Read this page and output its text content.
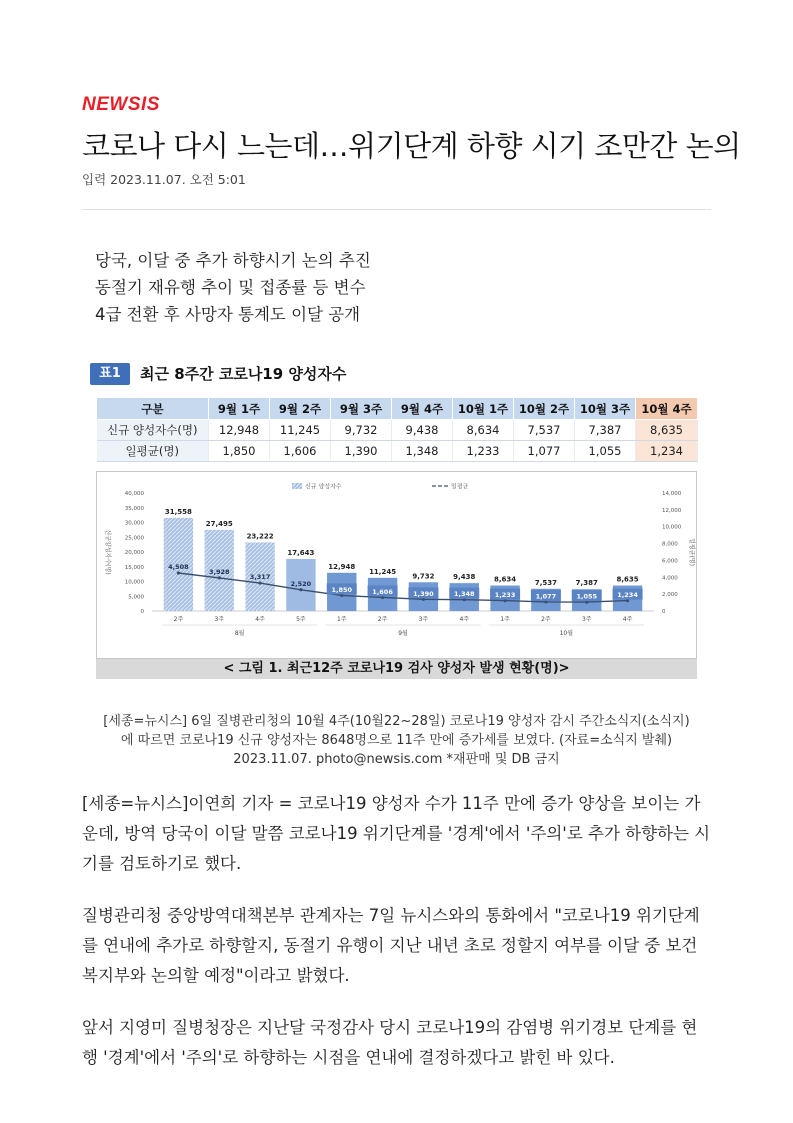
NEWSIS
코로나 다시 느는데…위기단계 하향 시기 조만간 논의
입력 2023.11.07. 오전 5:01
당국, 이달 중 추가 하향시기 논의 추진
동절기 재유행 추이 및 접종률 등 변수
4급 전환 후 사망자 통계도 이달 공개
표1	최근 8주간 코로나19 양성자수
구분	9월 1주	9월 2주	9월 3주	9월 4주	10월 1주	10월 2주	10월 3주	10월 4주
신규 양성자수(명)	12,948	11,245	9,732	9,438	8,634	7,537	7,387	8,635
일평균(명)	1,850	1,606	1,390	1,348	1,233	1,077	1,055	1,234
0
5,000
10,000
15,000
20,000
25,000
30,000
35,000
40,000
0
2,000
4,000
6,000
8,000
10,000
12,000
14,000
신규양성자수(명)	일평균(명)
2주	3주	4주	5주	1주	2주	3주	4주	1주	2주	3주	4주
8월	9월	10월
31,558
27,495
23,222
17,643
12,948
11,245
9,732	9,438	8,634	7,537	7,387	8,635
4,508
3,928
3,317
2,520
1,850	1,606	1,390	1,348	1,233	1,077	1,055	1,234
신규 양성자수	일평균
< 그림 1. 최근12주 코로나19 검사 양성자 발생 현황(명)>
[세종=뉴시스] 6일 질병관리청의 10월 4주(10월22~28일) 코로나19 양성자 감시 주간소식지(소식지)에 따르면 코로나19 신규 양성자는 8648명으로 11주 만에 증가세를 보였다. (자료=소식지 발췌) 2023.11.07. photo@newsis.com *재판매 및 DB 금지

[세종=뉴시스]이연희 기자 = 코로나19 양성자 수가 11주 만에 증가 양상을 보이는 가운데, 방역 당국이 이달 말쯤 코로나19 위기단계를 '경계'에서 '주의'로 추가 하향하는 시기를 검토하기로 했다.

질병관리청 중앙방역대책본부 관계자는 7일 뉴시스와의 통화에서 "코로나19 위기단계를 연내에 추가로 하향할지, 동절기 유행이 지난 내년 초로 정할지 여부를 이달 중 보건복지부와 논의할 예정"이라고 밝혔다.

앞서 지영미 질병청장은 지난달 국정감사 당시 코로나19의 감염병 위기경보 단계를 현행 '경계'에서 '주의'로 하향하는 시점을 연내에 결정하겠다고 밝힌 바 있다.
